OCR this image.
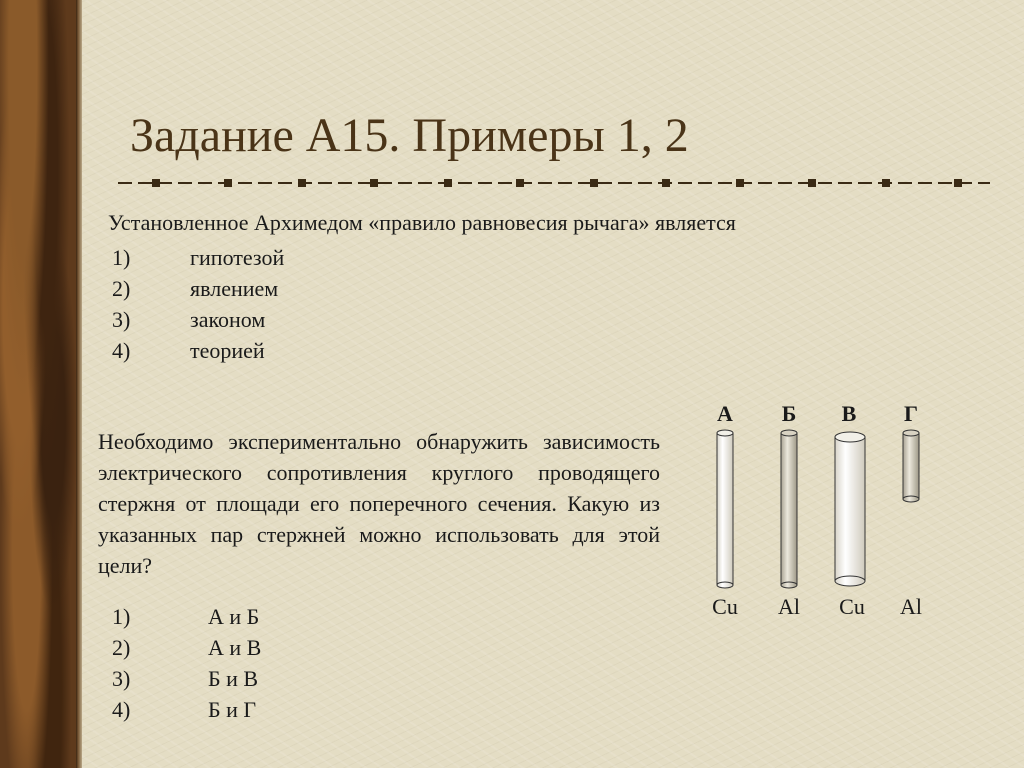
Задание А15. Примеры 1, 2
Установленное Архимедом «правило равновесия рычага» является
1)	гипотезой
2)	явлением
3)	законом
4)	теорией
Необходимо экспериментально обнаружить зависимость электрического сопротивления круглого проводящего стержня от площади его поперечного сечения. Какую из указанных пар стержней можно использовать для этой цели?
А	Б	В	Г
Cu	Al	Cu	Al
1)	А и Б
2)	А и В
3)	Б и В
4)	Б и Г
